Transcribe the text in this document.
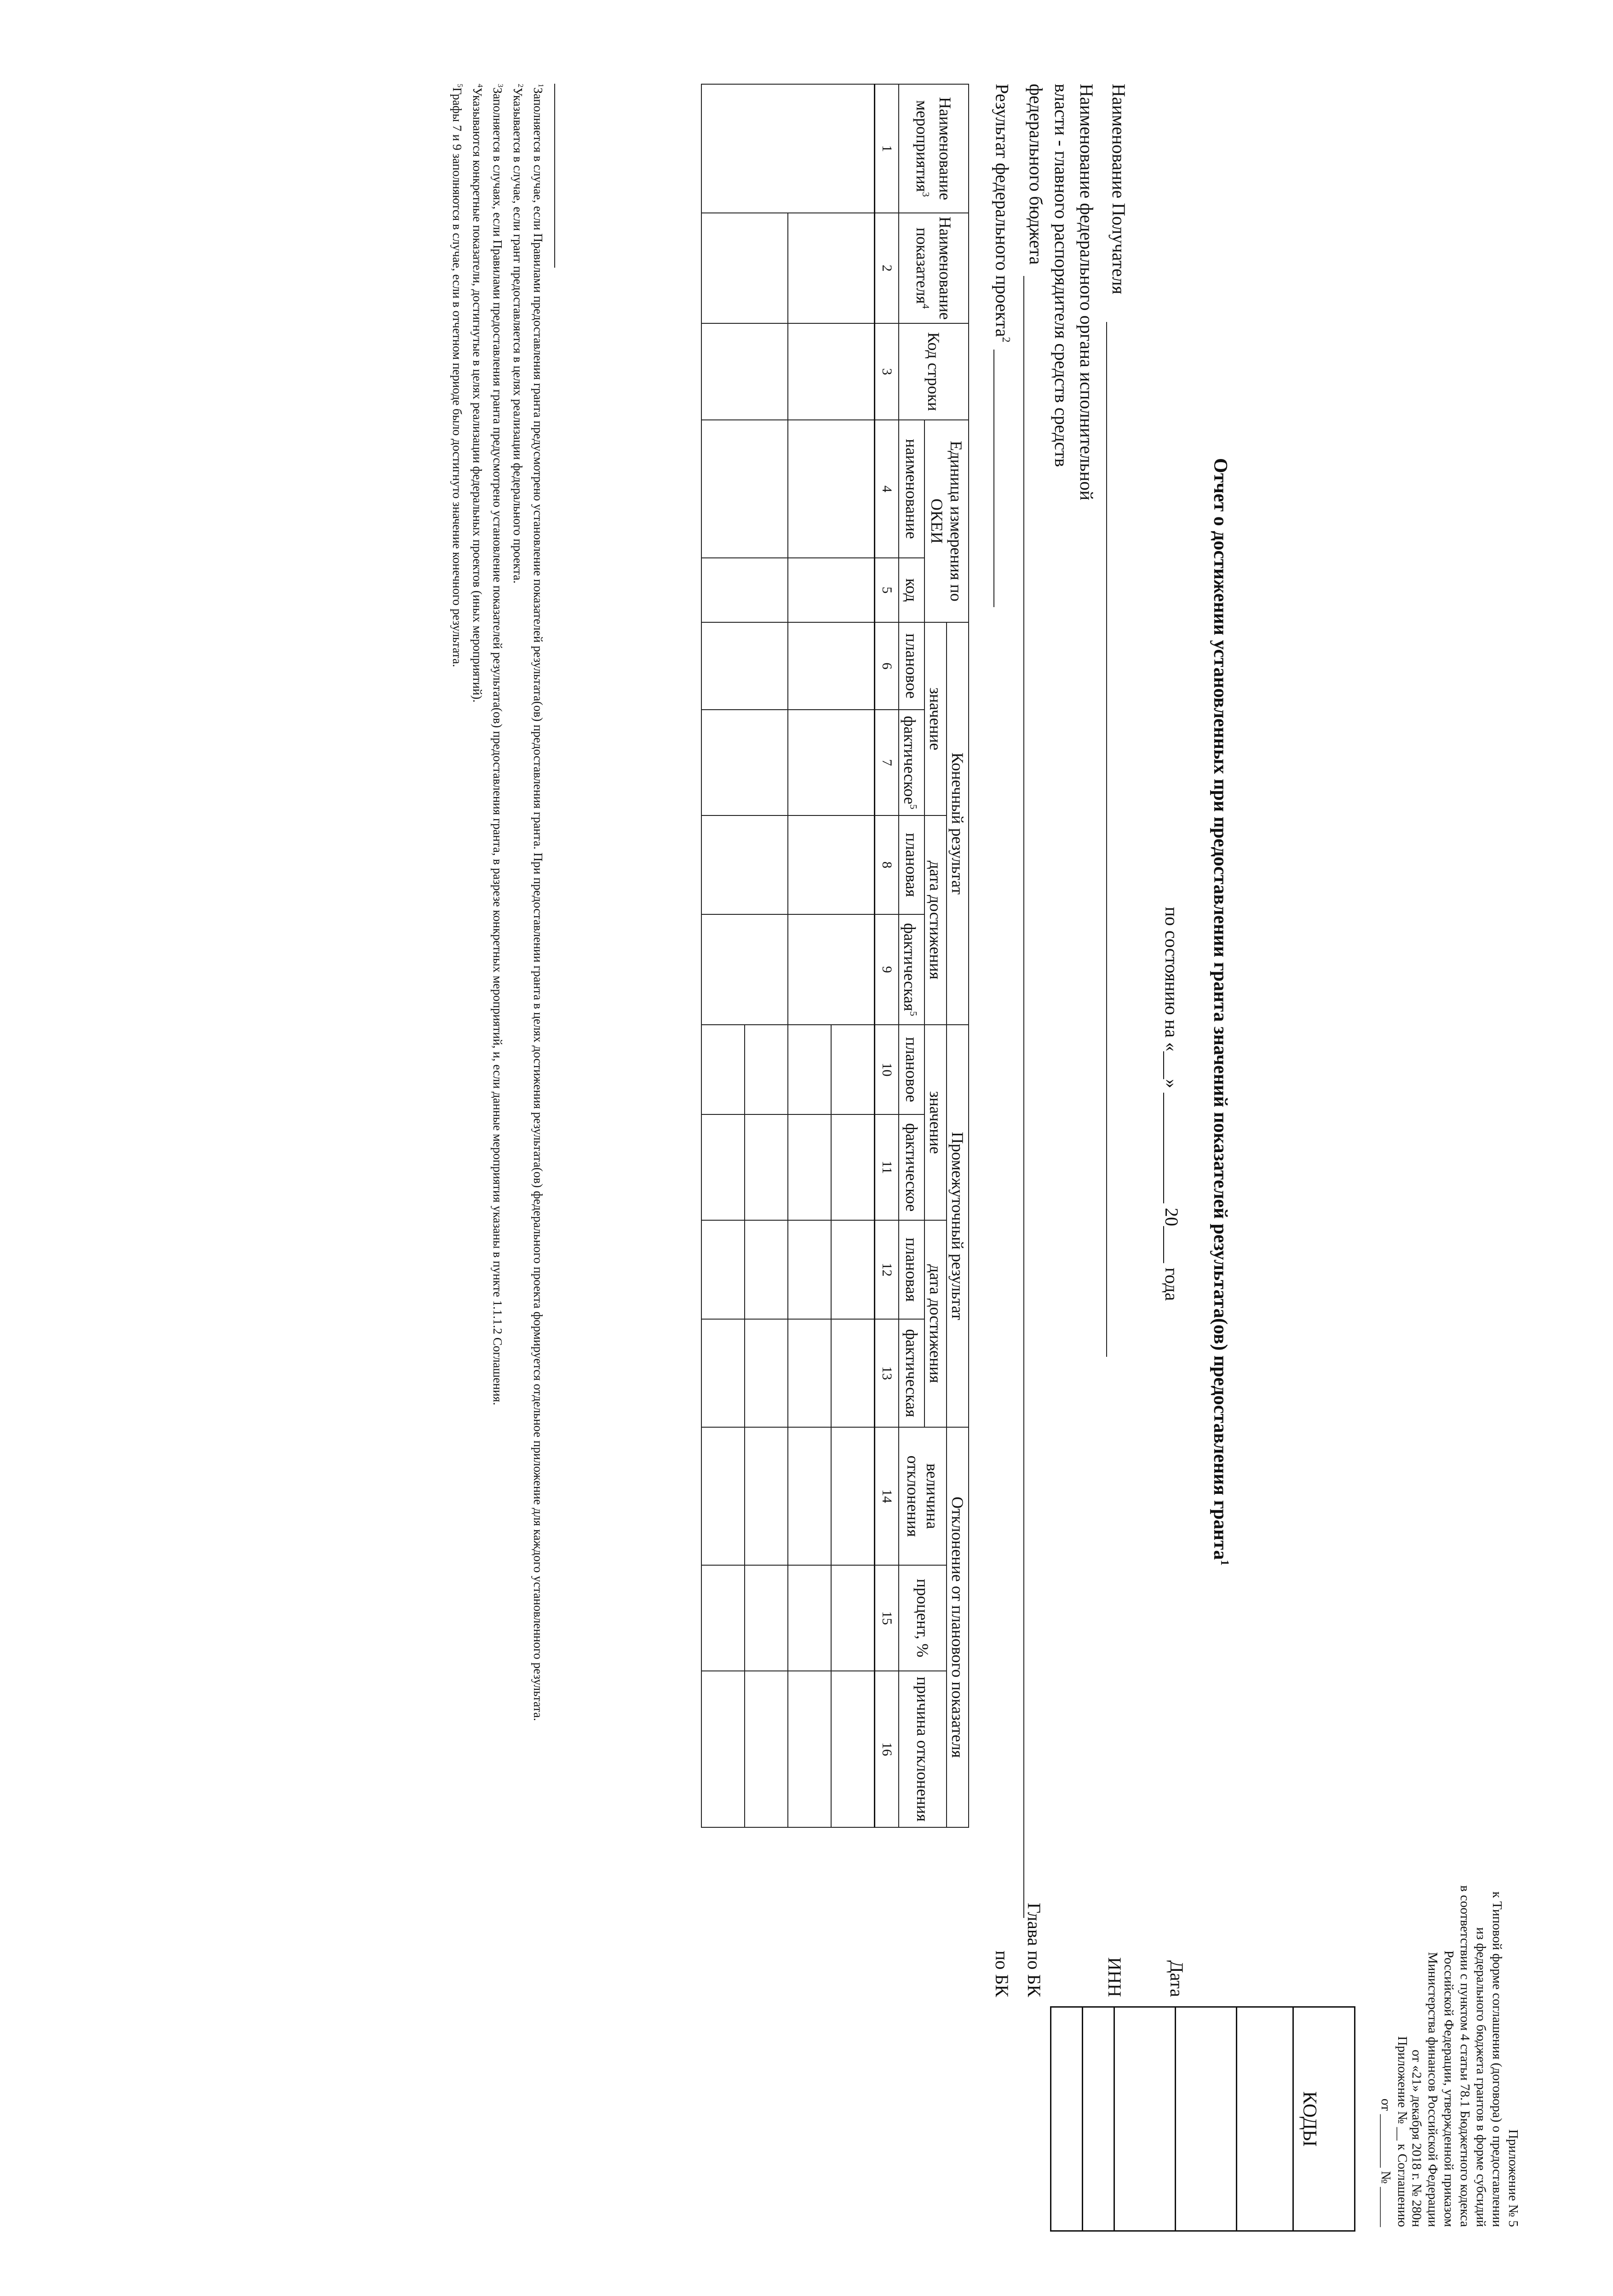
Приложение № 5
к Типовой форме соглашения (договора) о предоставлении
из федерального бюджета грантов в форме субсидий
в соответствии с пунктом 4 статьи 78.1 Бюджетного кодекса
Российской Федерации, утвержденной приказом
Министерства финансов Российской Федерации
от «21» декабря 2018 г. № 280н
Приложение № __ к Соглашению
от ________ № ______
Отчет о достижении установленных при предоставлении гранта значений показателей результата(ов) предоставления гранта$^1$
по состоянию на «___» ____________ 20____ года
КОДЫ

Дата
ИНН
Глава по БК
по БК
Наименование Получателя
Наименование федерального органа исполнительной
власти - главного распорядителя средств средств
федерального бюджета
Результат федерального проекта$^2$
Наименование мероприятия$^3$	Наименование показателя$^4$	Код строки	Единица измерения по ОКЕИ		Конечный результат				Промежуточный результат				Отклонение от планового показателя		
					значение		дата достижения		значение		дата достижения		величина отклонения	процент, %	причина отклонения
			наименование	код	плановое	фактическое$^5$	плановая	фактическая$^5$	плановое	фактическое	плановая	фактическая			
1	2	3	4	5	6	7	8	9	10	11	12	13	14	15	16

$^1$Заполняется в случае, если Правилами предоставления гранта предусмотрено установление показателей результата(ов) предоставления гранта. При предоставлении гранта в целях достижения результата(ов) федерального проекта формируется отдельное приложение для каждого установленного результата.
$^2$Указывается в случае, если грант предоставляется в целях реализации федерального проекта.
$^3$Заполняется в случаях, если Правилами предоставления гранта предусмотрено установление показателей результата(ов) предоставления гранта, в разрезе конкретных мероприятий, и, если данные мероприятия указаны в пункте 1.1.1.2 Соглашения.
$^4$Указываются конкретные показатели, достигнутые в целях реализации федеральных проектов (иных мероприятий).
$^5$Графы 7 и 9 заполняются в случае, если в отчетном периоде было достигнуто значение конечного результата.
